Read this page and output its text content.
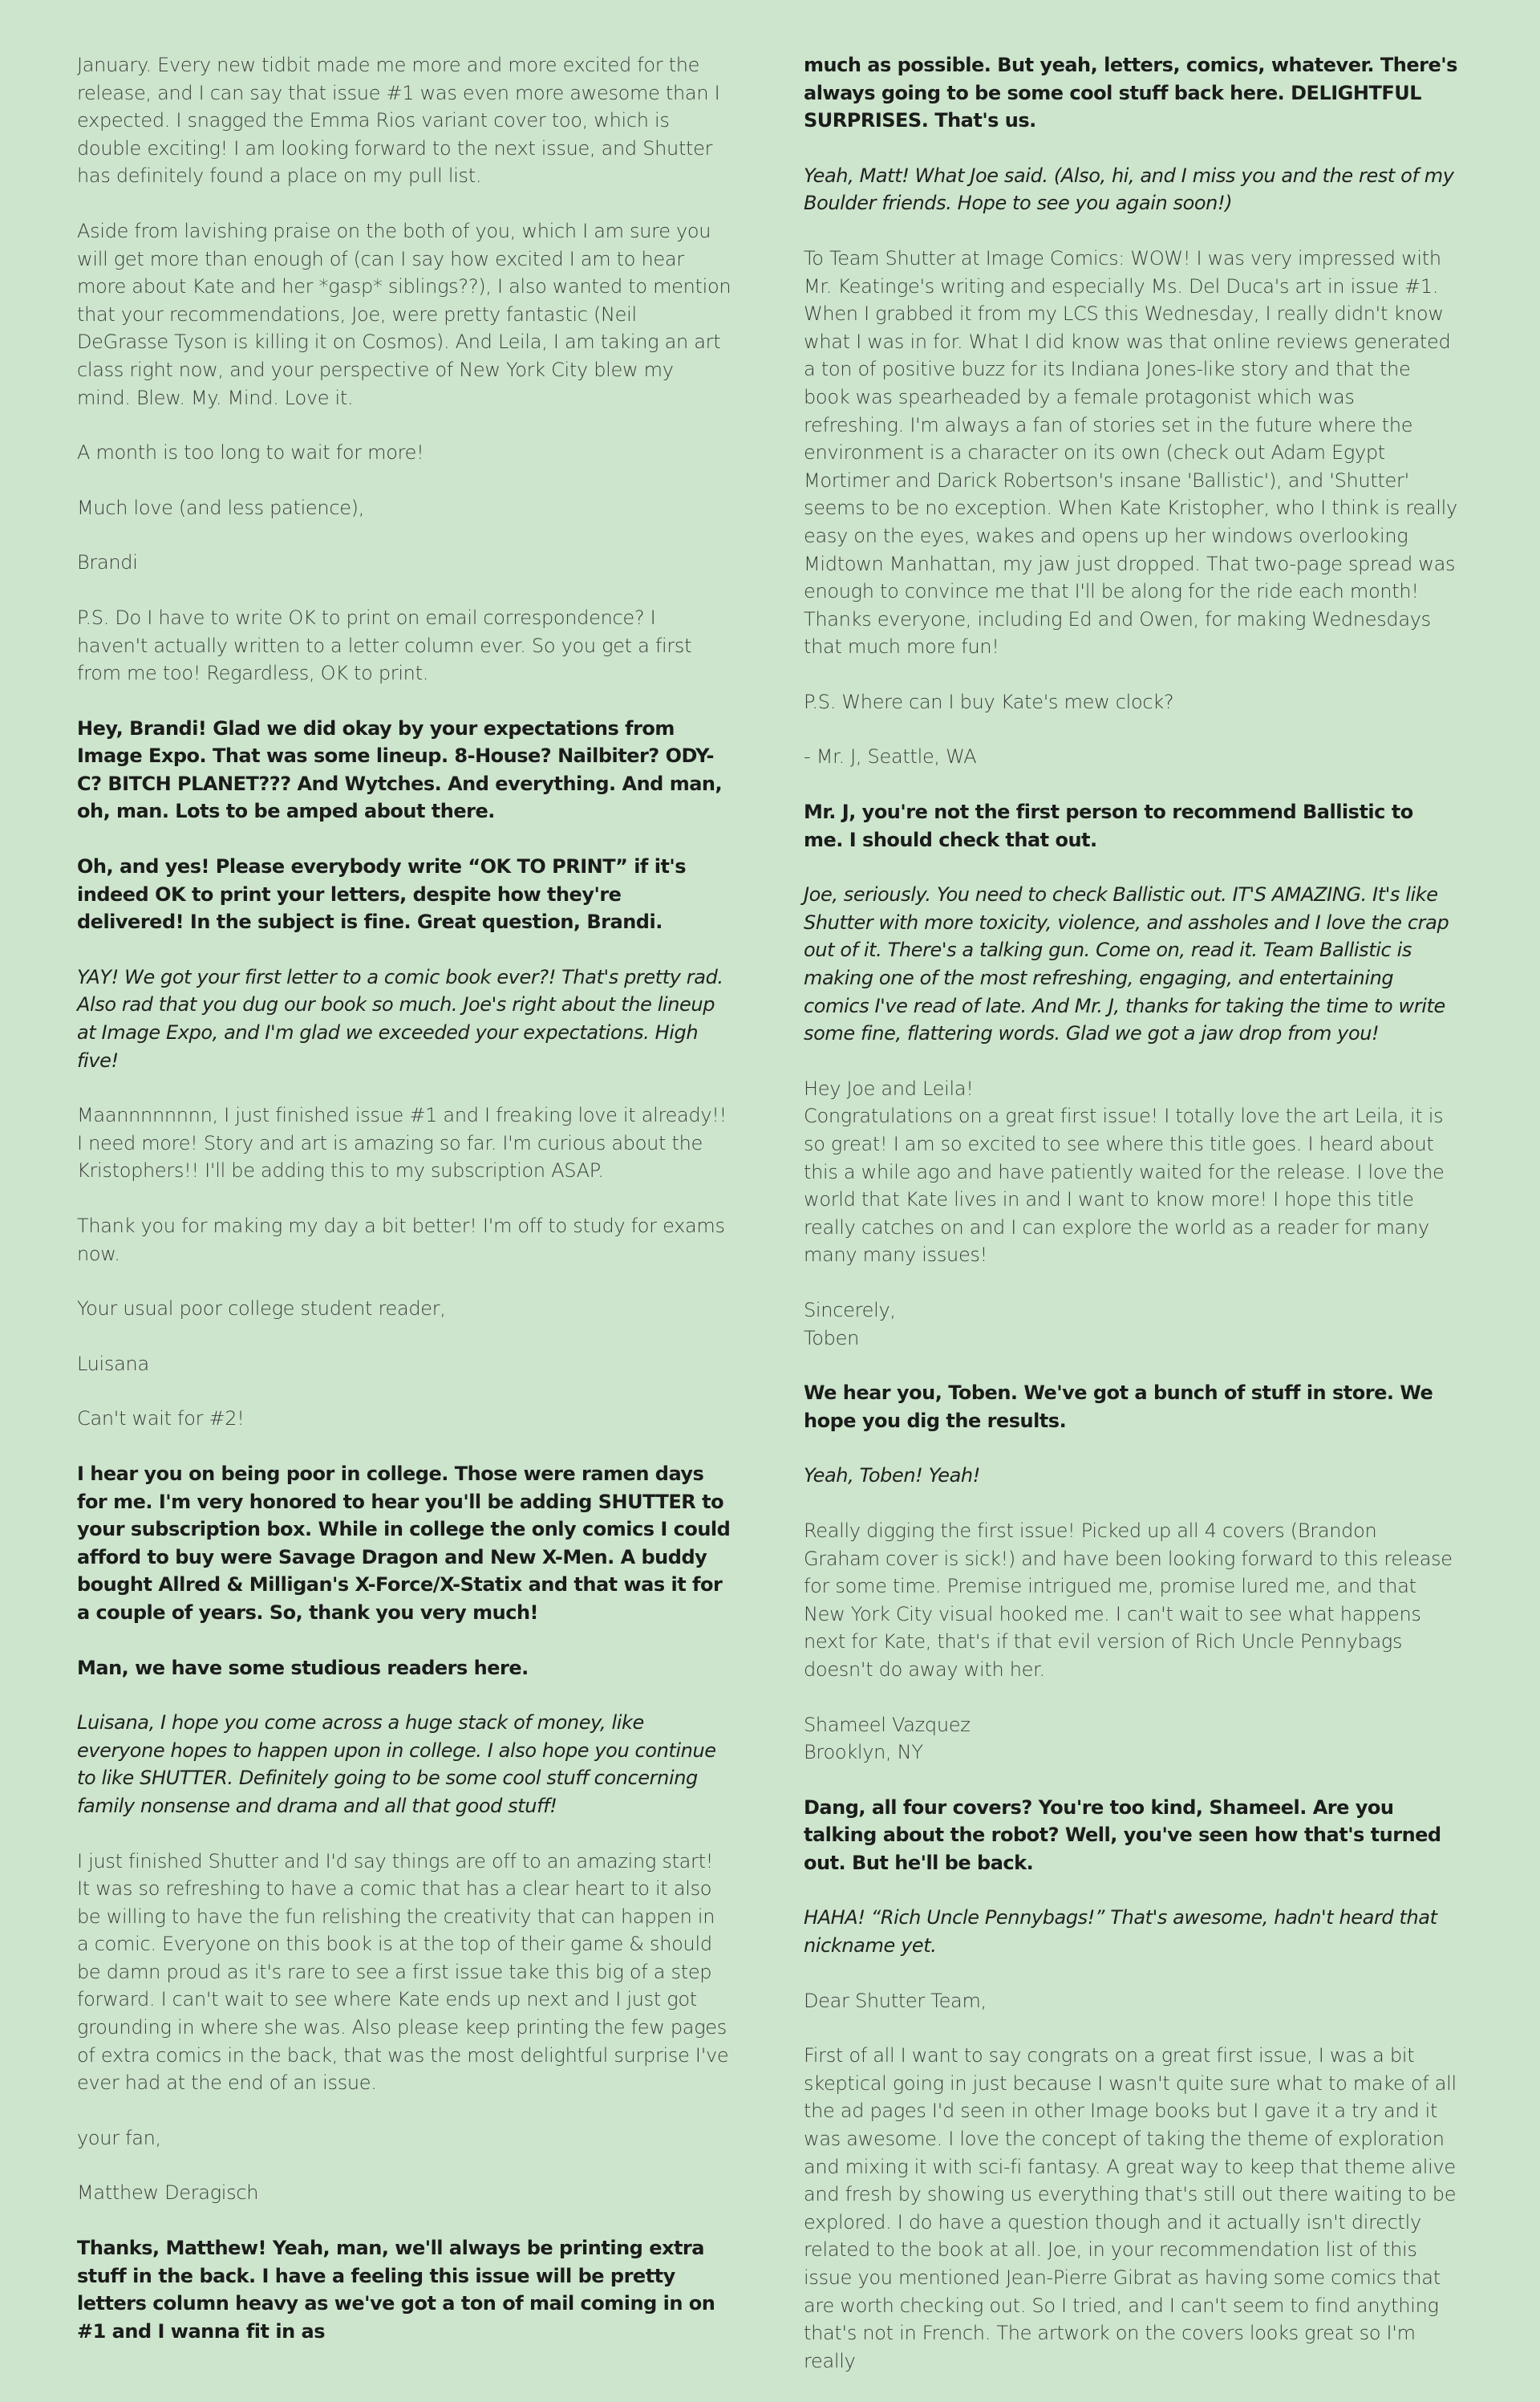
January. Every new tidbit made me more and more excited for the release, and I can say that issue #1 was even more awesome than I expected. I snagged the Emma Rios variant cover too, which is double exciting! I am looking forward to the next issue, and Shutter has definitely found a place on my pull list.

Aside from lavishing praise on the both of you, which I am sure you will get more than enough of (can I say how excited I am to hear more about Kate and her *gasp* siblings??), I also wanted to mention that your recommendations, Joe, were pretty fantastic (Neil DeGrasse Tyson is killing it on Cosmos). And Leila, I am taking an art class right now, and your perspective of New York City blew my mind. Blew. My. Mind. Love it.

A month is too long to wait for more!

Much love (and less patience),

Brandi

P.S. Do I have to write OK to print on email correspondence? I haven't actually written to a letter column ever. So you get a first from me too! Regardless, OK to print.

Hey, Brandi! Glad we did okay by your expectations from Image Expo. That was some lineup. 8-House? Nailbiter? ODY-C? BITCH PLANET??? And Wytches. And everything. And man, oh, man. Lots to be amped about there.

Oh, and yes! Please everybody write “OK TO PRINT” if it's indeed OK to print your letters, despite how they're delivered! In the subject is fine. Great question, Brandi.

YAY! We got your first letter to a comic book ever?! That's pretty rad. Also rad that you dug our book so much. Joe's right about the lineup at Image Expo, and I'm glad we exceeded your expectations. High five!

Maannnnnnnn, I just finished issue #1 and I freaking love it already!! I need more! Story and art is amazing so far. I'm curious about the Kristophers!! I'll be adding this to my subscription ASAP.

Thank you for making my day a bit better! I'm off to study for exams now.

Your usual poor college student reader,

Luisana

Can't wait for #2!

I hear you on being poor in college. Those were ramen days for me. I'm very honored to hear you'll be adding SHUTTER to your subscription box. While in college the only comics I could afford to buy were Savage Dragon and New X-Men. A buddy bought Allred & Milligan's X-Force/X-Statix and that was it for a couple of years. So, thank you very much!

Man, we have some studious readers here.

Luisana, I hope you come across a huge stack of money, like everyone hopes to happen upon in college. I also hope you continue to like SHUTTER. Definitely going to be some cool stuff concerning family nonsense and drama and all that good stuff!

I just finished Shutter and I'd say things are off to an amazing start! It was so refreshing to have a comic that has a clear heart to it also be willing to have the fun relishing the creativity that can happen in a comic. Everyone on this book is at the top of their game & should be damn proud as it's rare to see a first issue take this big of a step forward. I can't wait to see where Kate ends up next and I just got grounding in where she was. Also please keep printing the few pages of extra comics in the back, that was the most delightful surprise I've ever had at the end of an issue.

your fan,

Matthew Deragisch

Thanks, Matthew! Yeah, man, we'll always be printing extra stuff in the back. I have a feeling this issue will be pretty letters column heavy as we've got a ton of mail coming in on #1 and I wanna fit in as

much as possible. But yeah, letters, comics, whatever. There's always going to be some cool stuff back here. DELIGHTFUL SURPRISES. That's us.

Yeah, Matt! What Joe said. (Also, hi, and I miss you and the rest of my Boulder friends. Hope to see you again soon!)

To Team Shutter at Image Comics: WOW! I was very impressed with Mr. Keatinge's writing and especially Ms. Del Duca's art in issue #1. When I grabbed it from my LCS this Wednesday, I really didn't know what I was in for. What I did know was that online reviews generated a ton of positive buzz for its Indiana Jones-like story and that the book was spearheaded by a female protagonist which was refreshing. I'm always a fan of stories set in the future where the environment is a character on its own (check out Adam Egypt Mortimer and Darick Robertson's insane 'Ballistic'), and 'Shutter' seems to be no exception. When Kate Kristopher, who I think is really easy on the eyes, wakes and opens up her windows overlooking Midtown Manhattan, my jaw just dropped. That two-page spread was enough to convince me that I'll be along for the ride each month! Thanks everyone, including Ed and Owen, for making Wednesdays that much more fun!

P.S. Where can I buy Kate's mew clock?

- Mr. J, Seattle, WA

Mr. J, you're not the first person to recommend Ballistic to me. I should check that out.

Joe, seriously. You need to check Ballistic out. IT'S AMAZING. It's like Shutter with more toxicity, violence, and assholes and I love the crap out of it. There's a talking gun. Come on, read it. Team Ballistic is making one of the most refreshing, engaging, and entertaining comics I've read of late. And Mr. J, thanks for taking the time to write some fine, flattering words. Glad we got a jaw drop from you!

Hey Joe and Leila!

Congratulations on a great first issue! I totally love the art Leila, it is so great! I am so excited to see where this title goes. I heard about this a while ago and have patiently waited for the release. I love the world that Kate lives in and I want to know more! I hope this title really catches on and I can explore the world as a reader for many many many issues!

Sincerely,

Toben

We hear you, Toben. We've got a bunch of stuff in store. We hope you dig the results.

Yeah, Toben! Yeah!

Really digging the first issue! Picked up all 4 covers (Brandon Graham cover is sick!) and have been looking forward to this release for some time. Premise intrigued me, promise lured me, and that New York City visual hooked me. I can't wait to see what happens next for Kate, that's if that evil version of Rich Uncle Pennybags doesn't do away with her.

Shameel Vazquez

Brooklyn, NY

Dang, all four covers? You're too kind, Shameel. Are you talking about the robot? Well, you've seen how that's turned out. But he'll be back.

HAHA! “Rich Uncle Pennybags!” That's awesome, hadn't heard that nickname yet.

Dear Shutter Team,

First of all I want to say congrats on a great first issue, I was a bit skeptical going in just because I wasn't quite sure what to make of all the ad pages I'd seen in other Image books but I gave it a try and it was awesome. I love the concept of taking the theme of exploration and mixing it with sci-fi fantasy. A great way to keep that theme alive and fresh by showing us everything that's still out there waiting to be explored. I do have a question though and it actually isn't directly related to the book at all. Joe, in your recommendation list of this issue you mentioned Jean-Pierre Gibrat as having some comics that are worth checking out. So I tried, and I can't seem to find anything that's not in French. The artwork on the covers looks great so I'm really
